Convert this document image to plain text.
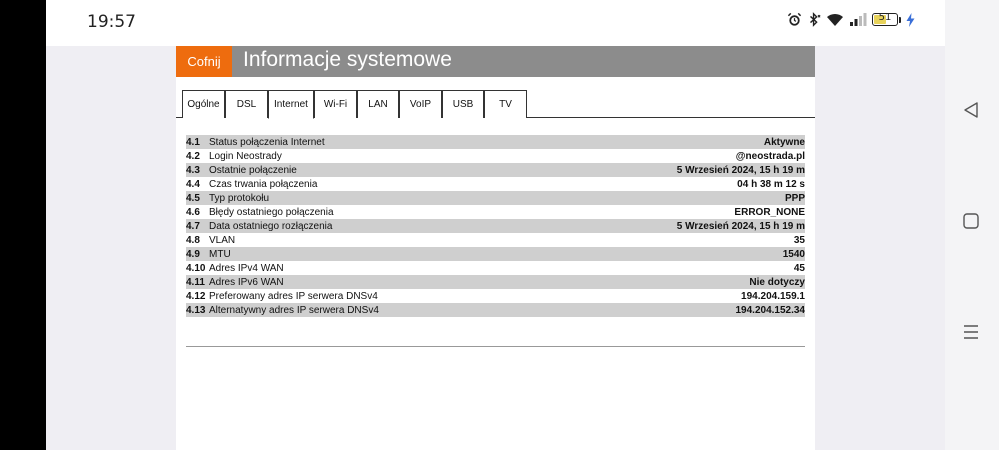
19:57	51
Cofnij	Informacje systemowe
Ogólne	DSL	Internet	Wi-Fi	LAN	VoIP	USB	TV
4.1 Status połączenia Internet	Aktywne
4.2 Login Neostrady	@neostrada.pl
4.3 Ostatnie połączenie	5 Wrzesień 2024, 15 h 19 m
4.4 Czas trwania połączenia	04 h 38 m 12 s
4.5 Typ protokołu	PPP
4.6 Błędy ostatniego połączenia	ERROR_NONE
4.7 Data ostatniego rozłączenia	5 Wrzesień 2024, 15 h 19 m
4.8 VLAN	35
4.9 MTU	1540
4.10 Adres IPv4 WAN	45
4.11 Adres IPv6 WAN	Nie dotyczy
4.12 Preferowany adres IP serwera DNSv4	194.204.159.1
4.13 Alternatywny adres IP serwera DNSv4	194.204.152.34
